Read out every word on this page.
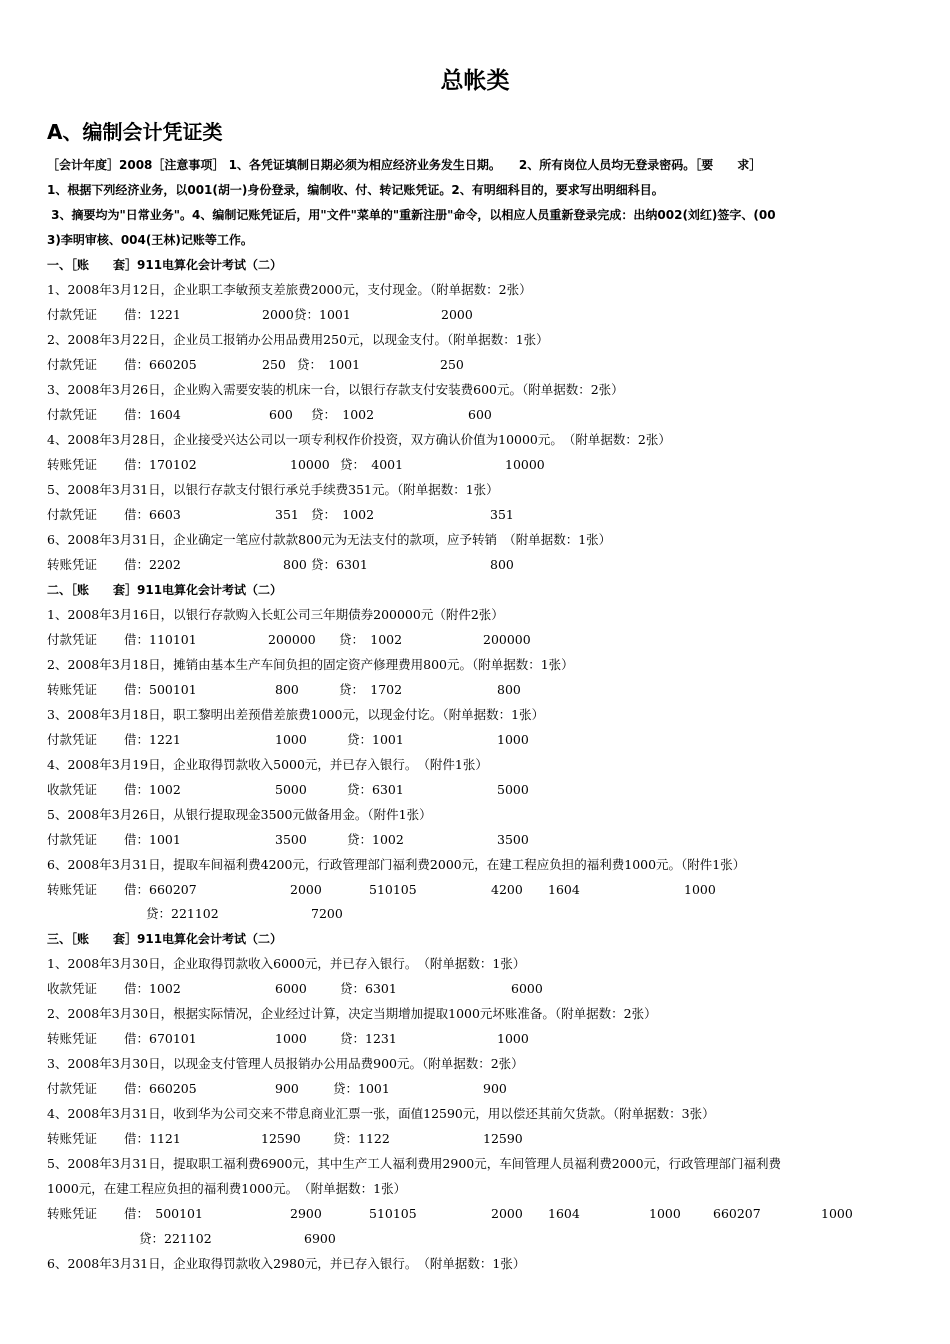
总帐类
A、编制会计凭证类
［会计年度］2008［注意事项］ 1、各凭证填制日期必须为相应经济业务发生日期。　　2、所有岗位人员均无登录密码。［要　　求］
1、根据下列经济业务，以001(胡一)身份登录，编制收、付、转记账凭证。2、有明细科目的，要求写出明细科目。
3、摘要均为"日常业务"。4、编制记账凭证后，用"文件"菜单的"重新注册"命令，以相应人员重新登录完成：出纳002(刘红)签字、(00
3)李明审核、004(王林)记账等工作。
一、［账　　套］911电算化会计考试（二）
1、2008年3月12日，企业职工李敏预支差旅费2000元，支付现金。（附单据数：2张）
付款凭证 借：1221	2000 贷：1001	2000
2、2008年3月22日，企业员工报销办公用品费用250元，以现金支付。（附单据数：1张）
付款凭证 借：660205	250 贷：　1001	250
3、2008年3月26日，企业购入需要安装的机床一台，以银行存款支付安装费600元。（附单据数：2张）
付款凭证 借：1604	600 贷：　1002	600
4、2008年3月28日，企业接受兴达公司以一项专利权作价投资，双方确认价值为10000元。　（附单据数：2张）
转账凭证 借：170102	10000 贷：　4001	10000
5、2008年3月31日，以银行存款支付银行承兑手续费351元。（附单据数：1张）
付款凭证 借：6603	351 贷：　1002	351
6、2008年3月31日，企业确定一笔应付款款800元为无法支付的款项，应予转销　（附单据数：1张）
转账凭证 借：2202	800 贷：6301	800
二、［账　　套］911电算化会计考试（二）
1、2008年3月16日，以银行存款购入长虹公司三年期债券200000元（附件2张）
付款凭证 借：110101	200000 贷：　1002	200000
2、2008年3月18日，摊销由基本生产车间负担的固定资产修理费用800元。（附单据数：1张）
转账凭证 借：500101	800	贷：　1702	800
3、2008年3月18日，职工黎明出差预借差旅费1000元，以现金付讫。（附单据数：1张）
付款凭证 借：1221	1000	贷：1001	1000
4、2008年3月19日，企业取得罚款收入5000元，并已存入银行。　（附件1张）
收款凭证 借：1002	5000	贷：6301	5000
5、2008年3月26日，从银行提取现金3500元做备用金。（附件1张）
付款凭证 借：1001	3500	贷：1002	3500
6、2008年3月31日，提取车间福利费4200元，行政管理部门福利费2000元，在建工程应负担的福利费1000元。（附件1张）
转账凭证 借：660207	2000	510105	4200 1604	1000
贷：221102	7200
三、［账　　套］911电算化会计考试（二）
1、2008年3月30日，企业取得罚款收入6000元，并已存入银行。　（附单据数：1张）
收款凭证 借：1002	6000	贷：6301	6000
2、2008年3月30日，根据实际情况，企业经过计算，决定当期增加提取1000元坏账准备。（附单据数：2张）
转账凭证 借：670101	1000	贷：1231	1000
3、2008年3月30日，以现金支付管理人员报销办公用品费900元。（附单据数：2张）
付款凭证 借：660205	900	贷：1001	900
4、2008年3月31日，收到华为公司交来不带息商业汇票一张，面值12590元，用以偿还其前欠货款。（附单据数：3张）
转账凭证 借：1121	12590	贷：1122	12590
5、2008年3月31日，提取职工福利费6900元，其中生产工人福利费用2900元，车间管理人员福利费2000元，行政管理部门福利费
1000元，在建工程应负担的福利费1000元。　（附单据数：1张）
转账凭证 借：　500101	2900	510105	2000 1604	1000	660207	1000
贷：221102	6900
6、2008年3月31日，企业取得罚款收入2980元，并已存入银行。　（附单据数：1张）
